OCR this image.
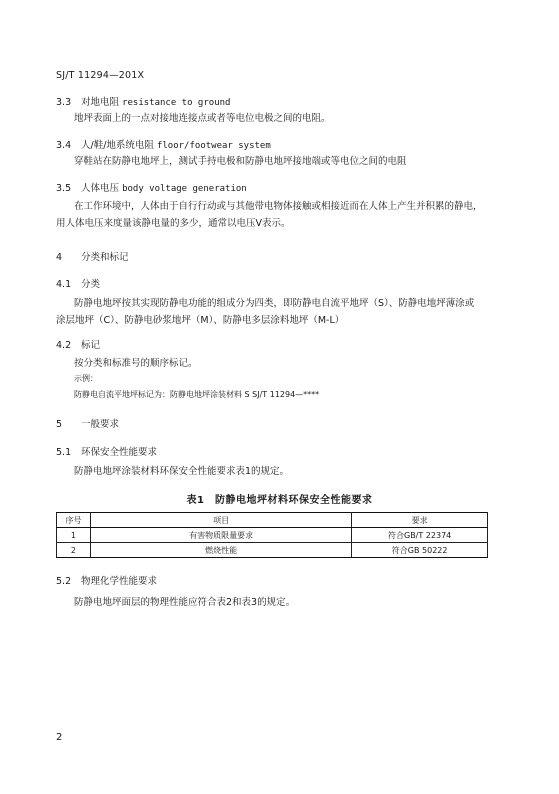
SJ/T 11294—201X
3.3 对地电阻 resistance to ground
地坪表面上的一点对接地连接点或者等电位电极之间的电阻。
3.4 人/鞋/地系统电阻 floor/footwear system
穿鞋站在防静电地坪上，测试手持电极和防静电地坪接地端或等电位之间的电阻
3.5 人体电压 body voltage generation
在工作环境中，人体由于自行行动或与其他带电物体接触或相接近而在人体上产生并积累的静电，
用人体电压来度量该静电量的多少，通常以电压V表示。
4 分类和标记
4.1 分类
防静电地坪按其实现防静电功能的组成分为四类，即防静电自流平地坪（S）、防静电地坪薄涂或
涂层地坪（C）、防静电砂浆地坪（M）、防静电多层涂料地坪（M-L）
4.2 标记
按分类和标准号的顺序标记。
示例：
防静电自流平地坪标记为：防静电地坪涂装材料 S SJ/T 11294—****
5 一般要求
5.1 环保安全性能要求
防静电地坪涂装材料环保安全性能要求表1的规定。
表1　防静电地坪材料环保安全性能要求
序号	项目	要求
1	有害物质限量要求	符合GB/T 22374
2	燃烧性能	符合GB 50222
5.2 物理化学性能要求
防静电地坪面层的物理性能应符合表2和表3的规定。
2
